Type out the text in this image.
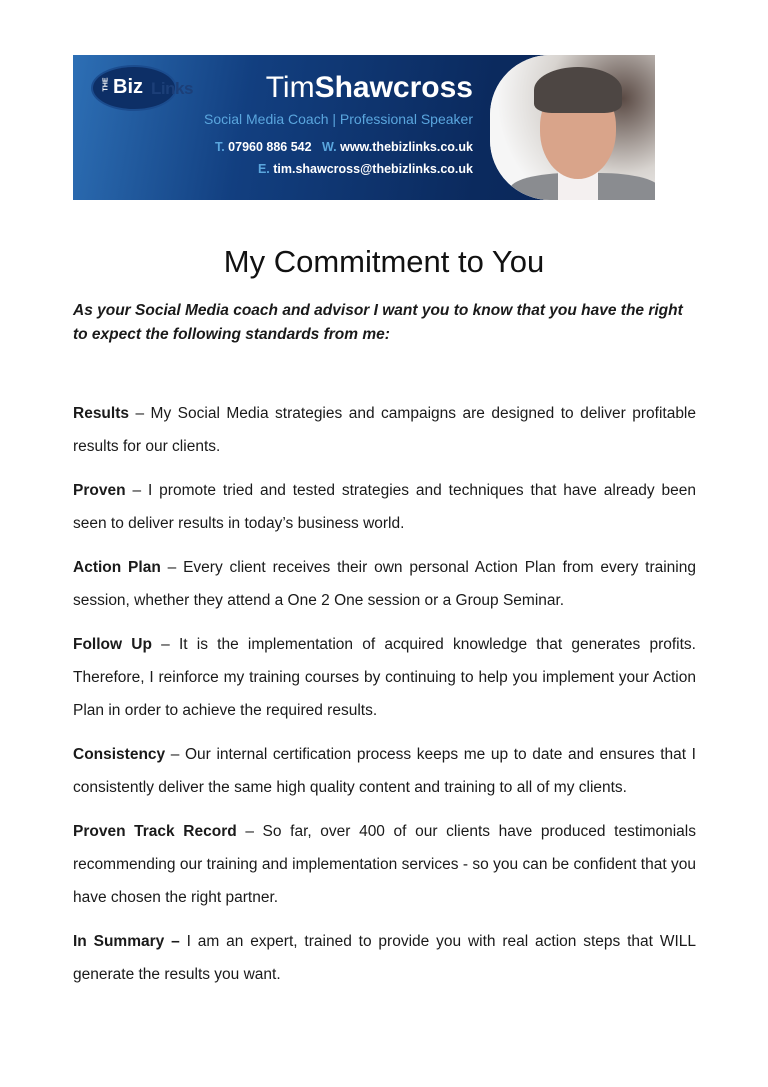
THE Biz Links TimShawcross
Social Media Coach | Professional Speaker
T. 07960 886 542 W. www.thebizlinks.co.uk
E. tim.shawcross@thebizlinks.co.uk
My Commitment to You

As your Social Media coach and advisor I want you to know that you have the right to expect the following standards from me:

Results – My Social Media strategies and campaigns are designed to deliver profitable results for our clients.

Proven – I promote tried and tested strategies and techniques that have already been seen to deliver results in today’s business world.

Action Plan – Every client receives their own personal Action Plan from every training session, whether they attend a One 2 One session or a Group Seminar.

Follow Up – It is the implementation of acquired knowledge that generates profits. Therefore, I reinforce my training courses by continuing to help you implement your Action Plan in order to achieve the required results.

Consistency – Our internal certification process keeps me up to date and ensures that I consistently deliver the same high quality content and training to all of my clients.

Proven Track Record – So far, over 400 of our clients have produced testimonials recommending our training and implementation services - so you can be confident that you have chosen the right partner.

In Summary – I am an expert, trained to provide you with real action steps that WILL generate the results you want.
